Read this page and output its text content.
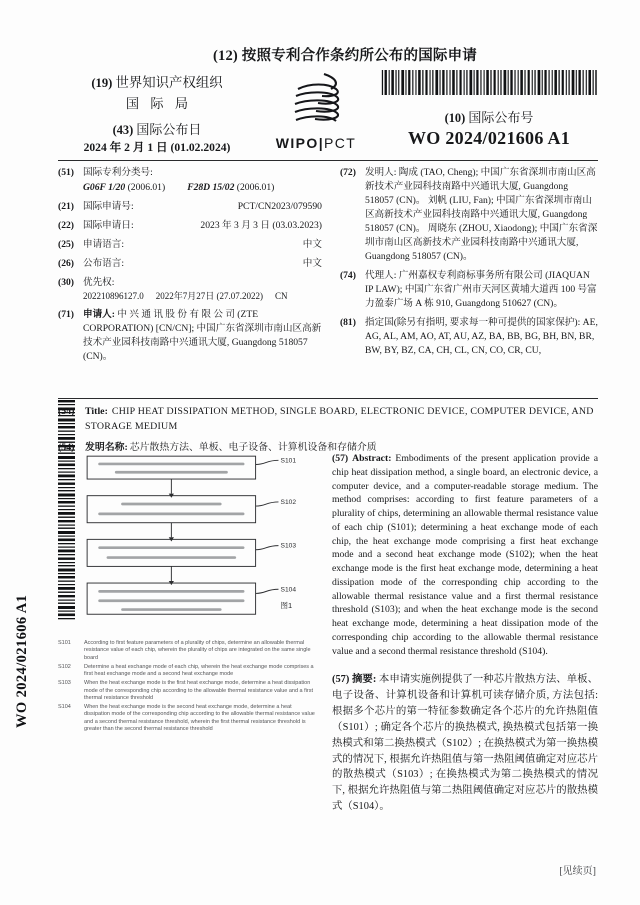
WO 2024/021606 A1
(12) 按照专利合作条约所公布的国际申请
(19) 世界知识产权组织
国 际 局
(43) 国际公布日
2024 年 2 月 1 日 (01.02.2024)	WIPO|PCT
(10) 国际公布号
WO 2024/021606 A1
(51) 国际专利分类号:
G06F 1/20 (2006.01) F28D 15/02 (2006.01)
(21) 国际申请号:	PCT/CN2023/079590
(22) 国际申请日:	2023 年 3 月 3 日 (03.03.2023)
(25) 申请语言:	中文
(26) 公布语言:	中文
(30) 优先权:
202210896127.0 2022年7月27日 (27.07.2022) CN
(71) 申请人: 中 兴 通 讯 股 份 有 限 公 司 (ZTE CORPORATION) [CN/CN]; 中国广东省深圳市南山区高新技术产业园科技南路中兴通讯大厦, Guangdong 518057 (CN)。
(72) 发明人: 陶成 (TAO, Cheng); 中国广东省深圳市南山区高新技术产业园科技南路中兴通讯大厦, Guangdong 518057 (CN)。 刘帆 (LIU, Fan); 中国广东省深圳市南山区高新技术产业园科技南路中兴通讯大厦, Guangdong 518057 (CN)。 周晓东 (ZHOU, Xiaodong); 中国广东省深圳市南山区高新技术产业园科技南路中兴通讯大厦, Guangdong 518057 (CN)。
(74) 代理人: 广州嘉权专利商标事务所有限公司 (JIAQUAN IP LAW); 中国广东省广州市天河区黄埔大道西 100 号富力盈泰广场 A 栋 910, Guangdong 510627 (CN)。
(81) 指定国(除另有指明, 要求每一种可提供的国家保护): AE, AG, AL, AM, AO, AT, AU, AZ, BA, BB, BG, BH, BN, BR, BW, BY, BZ, CA, CH, CL, CN, CO, CR, CU,
(54)	Title: CHIP HEAT DISSIPATION METHOD, SINGLE BOARD, ELECTRONIC DEVICE, COMPUTER DEVICE, AND STORAGE MEDIUM
(54)	发明名称: 芯片散热方法、单板、电子设备、计算机设备和存储介质
S101
S102
S103
S104
图1
S101	According to first feature parameters of a plurality of chips, determine an allowable thermal resistance value of each chip, wherein the plurality of chips are integrated on the same single board
S102	Determine a heat exchange mode of each chip, wherein the heat exchange mode comprises a first heat exchange mode and a second heat exchange mode
S103	When the heat exchange mode is the first heat exchange mode, determine a heat dissipation mode of the corresponding chip according to the allowable thermal resistance value and a first thermal resistance threshold
S104	When the heat exchange mode is the second heat exchange mode, determine a heat dissipation mode of the corresponding chip according to the allowable thermal resistance value and a second thermal resistance threshold, wherein the first thermal resistance threshold is greater than the second thermal resistance threshold
(57) Abstract: Embodiments of the present application provide a chip heat dissipation method, a single board, an electronic device, a computer device, and a computer-readable storage medium. The method comprises: according to first feature parameters of a plurality of chips, determining an allowable thermal resistance value of each chip (S101); determining a heat exchange mode of each chip, the heat exchange mode comprising a first heat exchange mode and a second heat exchange mode (S102); when the heat exchange mode is the first heat exchange mode, determining a heat dissipation mode of the corresponding chip according to the allowable thermal resistance value and a first thermal resistance threshold (S103); and when the heat exchange mode is the second heat exchange mode, determining a heat dissipation mode of the corresponding chip according to the allowable thermal resistance value and a second thermal resistance threshold (S104).
(57) 摘要: 本申请实施例提供了一种芯片散热方法、单板、电子设备、计算机设备和计算机可读存储介质, 方法包括: 根据多个芯片的第一特征参数确定各个芯片的允许热阻值（S101）; 确定各个芯片的换热模式, 换热模式包括第一换热模式和第二换热模式（S102）; 在换热模式为第一换热模式的情况下, 根据允许热阻值与第一热阻阈值确定对应芯片的散热模式（S103）; 在换热模式为第二换热模式的情况下, 根据允许热阻值与第二热阻阈值确定对应芯片的散热模式（S104）。
[见续页]
